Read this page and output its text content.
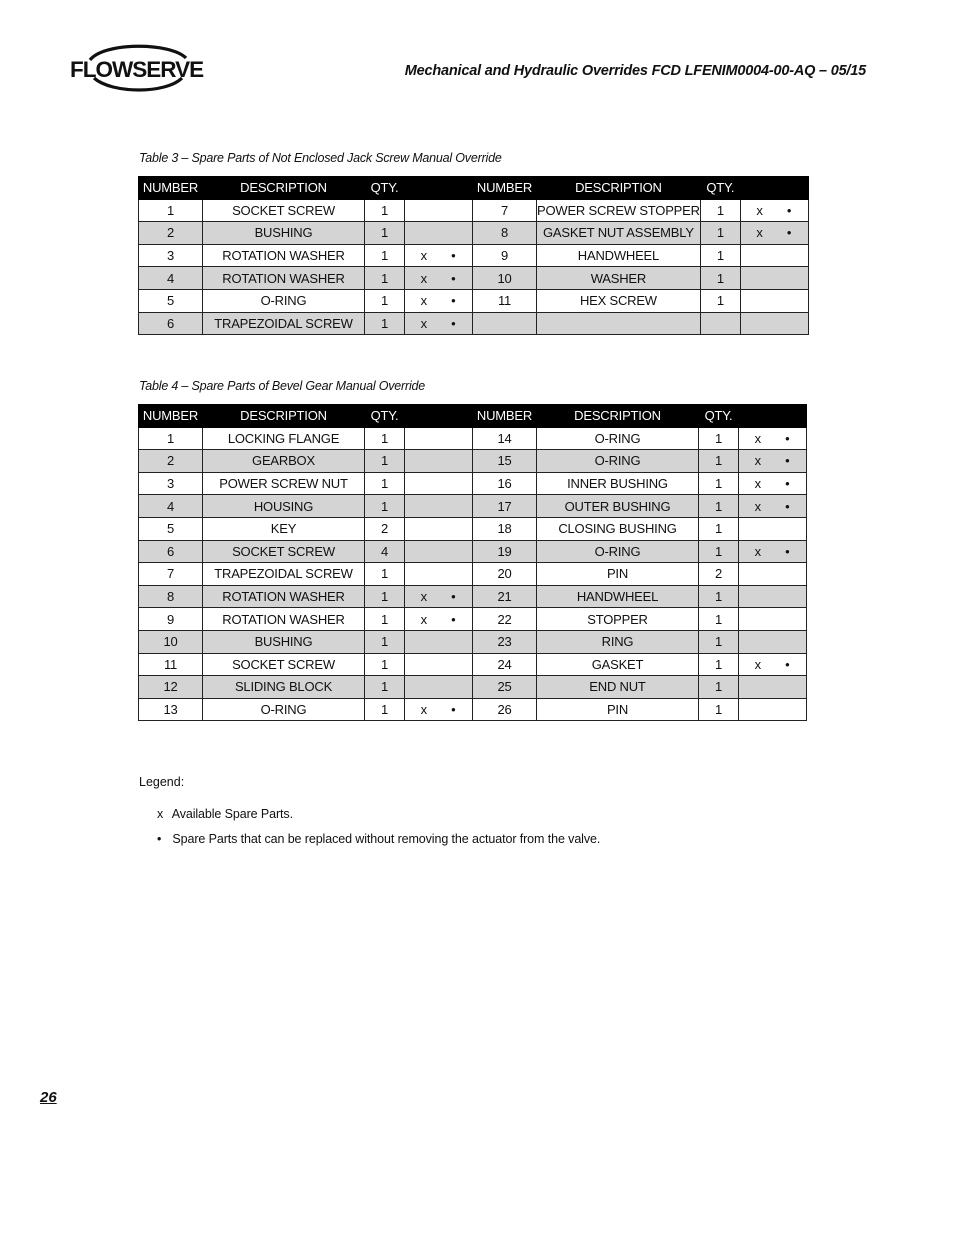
FLOWSERVE	Mechanical and Hydraulic Overrides FCD LFENIM0004-00-AQ – 05/15
Table 3 – Spare Parts of Not Enclosed Jack Screw Manual Override
NUMBER	DESCRIPTION	QTY.		NUMBER	DESCRIPTION	QTY.	
1	SOCKET SCREW	1		7	POWER SCREW STOPPER	1	x •

2	BUSHING	1		8	GASKET NUT ASSEMBLY	1	x •

3	ROTATION WASHER	1	x •	9	HANDWHEEL	1	

4	ROTATION WASHER	1	x •	10	WASHER	1	

5	O-RING	1	x •	11	HEX SCREW	1	

6	TRAPEZOIDAL SCREW	1	x •				

Table 4 – Spare Parts of Bevel Gear Manual Override
NUMBER	DESCRIPTION	QTY.		NUMBER	DESCRIPTION	QTY.	
1	LOCKING FLANGE	1		14	O-RING	1	x •

2	GEARBOX	1		15	O-RING	1	x •

3	POWER SCREW NUT	1		16	INNER BUSHING	1	x •

4	HOUSING	1		17	OUTER BUSHING	1	x •

5	KEY	2		18	CLOSING BUSHING	1	

6	SOCKET SCREW	4		19	O-RING	1	x •

7	TRAPEZOIDAL SCREW	1		20	PIN	2	

8	ROTATION WASHER	1	x •	21	HANDWHEEL	1	

9	ROTATION WASHER	1	x •	22	STOPPER	1	

10	BUSHING	1		23	RING	1	

11	SOCKET SCREW	1		24	GASKET	1	x •

12	SLIDING BLOCK	1		25	END NUT	1	

13	O-RING	1	x •	26	PIN	1	
Legend:
x Available Spare Parts.
• Spare Parts that can be replaced without removing the actuator from the valve.
26
